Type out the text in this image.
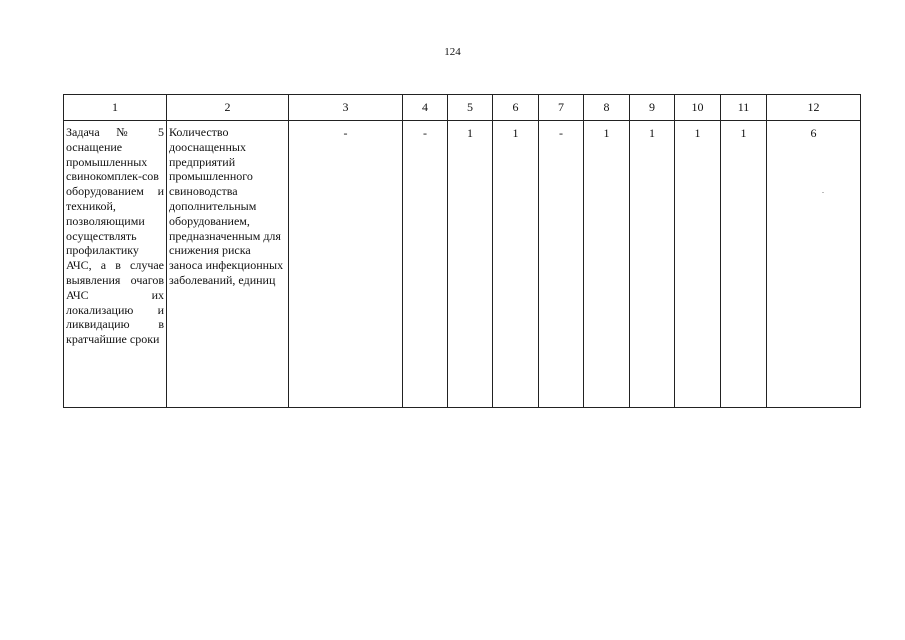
124
1	2	3	4	5	6	7	8	9	10	11	12

Задача № 5 оснащение промышленных свинокомплек-сов оборудованием и техникой, позволяющими осуществлять профилактику АЧС, а в случае выявления очагов АЧС их локализацию и ликвидацию в кратчайшие сроки	Количество дооснащенных предприятий промышленного свиноводства дополнительным оборудованием, предназначенным для снижения риска заноса инфекционных заболеваний, единиц	-	-	1	1	-	1	1	1	1	6
